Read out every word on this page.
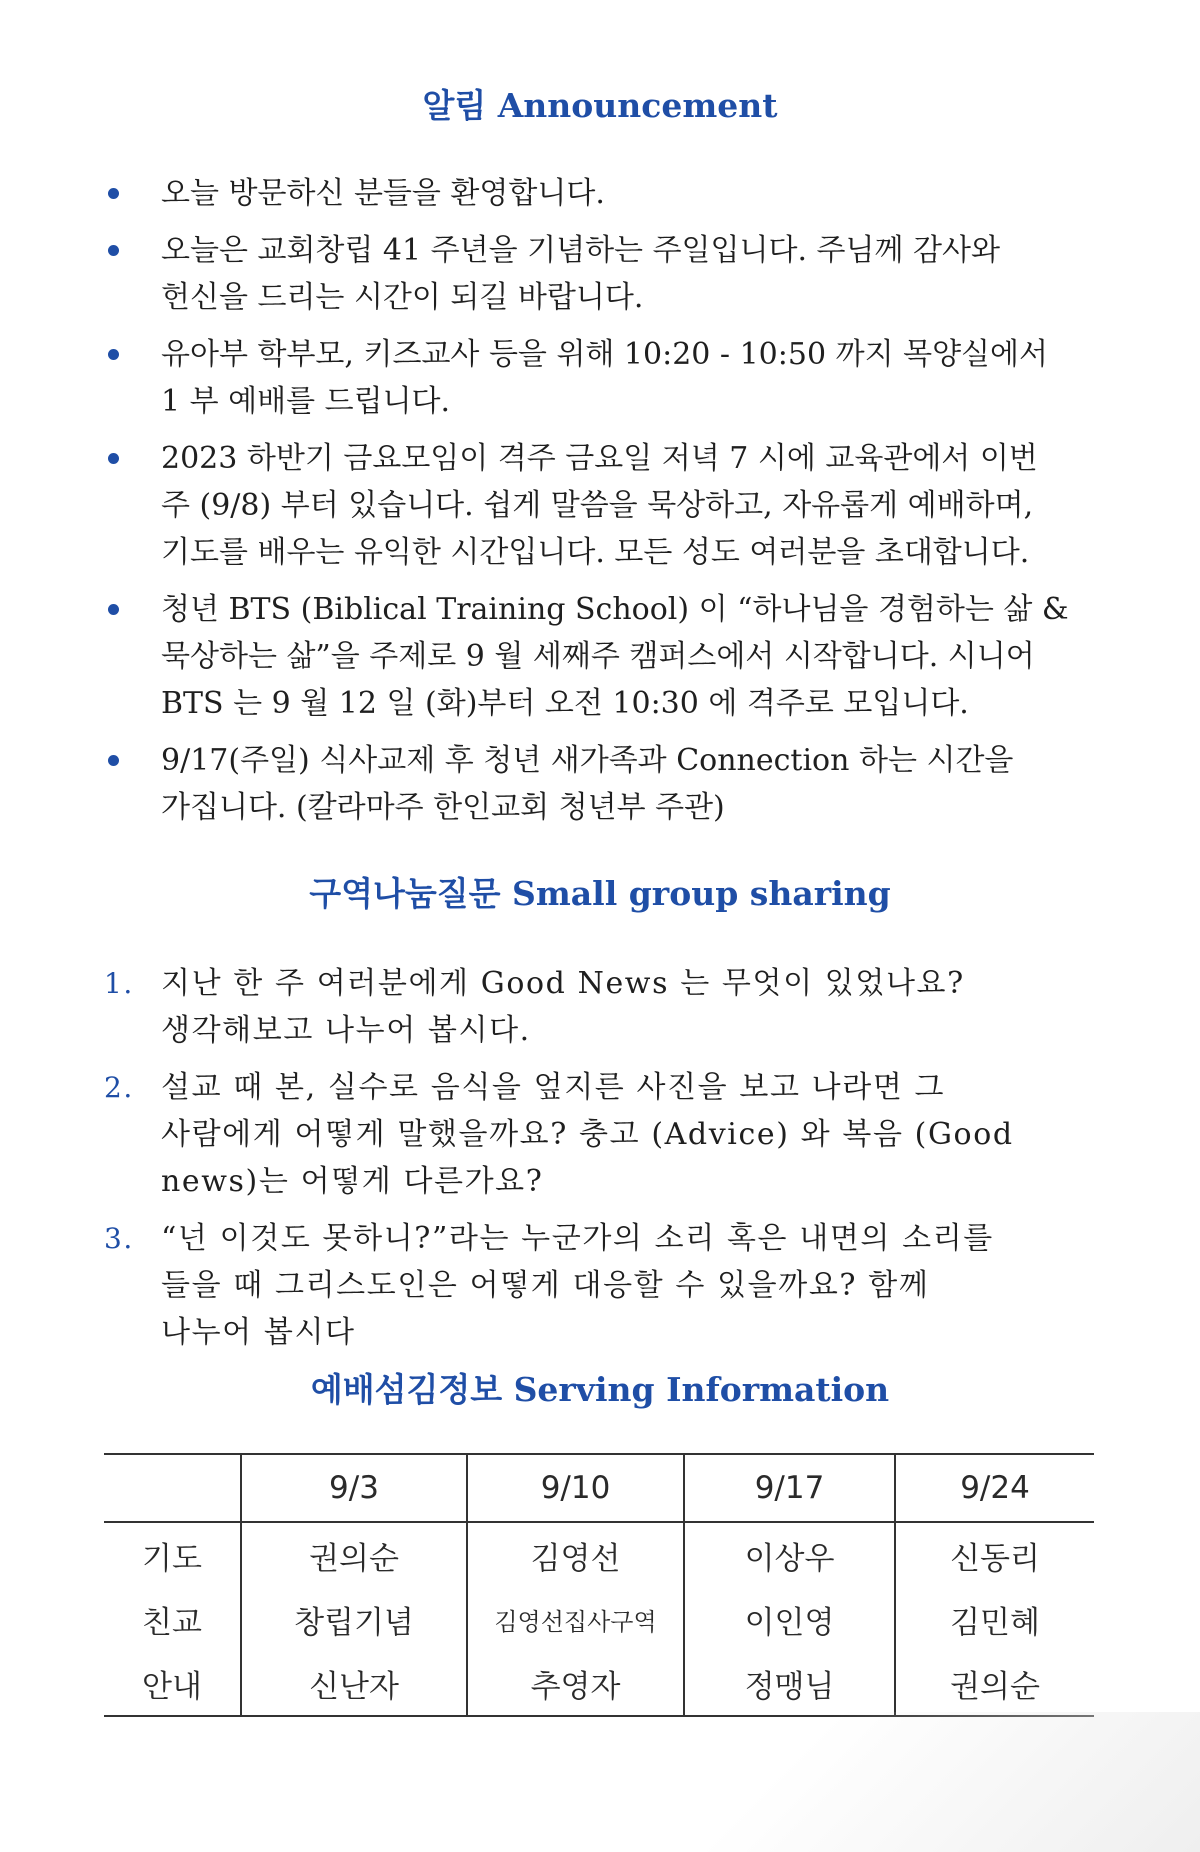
알림 Announcement
오늘 방문하신 분들을 환영합니다.
오늘은 교회창립 41 주년을 기념하는 주일입니다. 주님께 감사와
헌신을 드리는 시간이 되길 바랍니다.
유아부 학부모, 키즈교사 등을 위해 10:20 - 10:50 까지 목양실에서
1 부 예배를 드립니다.
2023 하반기 금요모임이 격주 금요일 저녁 7 시에 교육관에서 이번
주 (9/8) 부터 있습니다. 쉽게 말씀을 묵상하고, 자유롭게 예배하며,
기도를 배우는 유익한 시간입니다. 모든 성도 여러분을 초대합니다.
청년 BTS (Biblical Training School) 이 “하나님을 경험하는 삶 &
묵상하는 삶”을 주제로 9 월 세째주 캠퍼스에서 시작합니다. 시니어
BTS 는 9 월 12 일 (화)부터 오전 10:30 에 격주로 모입니다.
9/17(주일) 식사교제 후 청년 새가족과 Connection 하는 시간을
가집니다. (칼라마주 한인교회 청년부 주관)
구역나눔질문 Small group sharing
1. 지난 한 주 여러분에게 Good News 는 무엇이 있었나요?
생각해보고 나누어 봅시다.
2. 설교 때 본, 실수로 음식을 엎지른 사진을 보고 나라면 그
사람에게 어떻게 말했을까요? 충고 (Advice) 와 복음 (Good
news)는 어떻게 다른가요?
3. “넌 이것도 못하니?”라는 누군가의 소리 혹은 내면의 소리를
들을 때 그리스도인은 어떻게 대응할 수 있을까요? 함께
나누어 봅시다
예배섬김정보 Serving Information
	9/3	9/10	9/17	9/24
기도	권의순	김영선	이상우	신동리
친교	창립기념	김영선집사구역	이인영	김민혜
안내	신난자	추영자	정맹님	권의순
